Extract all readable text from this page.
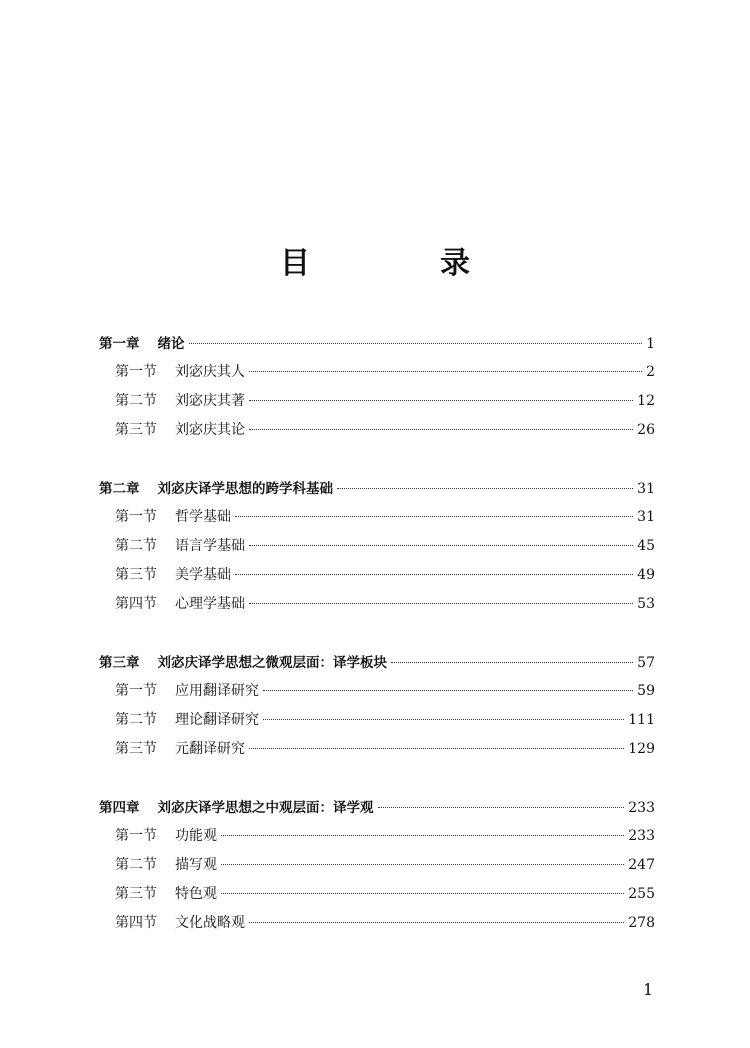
目　录
第一章 绪论	1
第一节 刘宓庆其人	2
第二节 刘宓庆其著	12
第三节 刘宓庆其论	26
第二章 刘宓庆译学思想的跨学科基础	31
第一节 哲学基础	31
第二节 语言学基础	45
第三节 美学基础	49
第四节 心理学基础	53
第三章 刘宓庆译学思想之微观层面：译学板块	57
第一节 应用翻译研究	59
第二节 理论翻译研究	111
第三节 元翻译研究	129
第四章 刘宓庆译学思想之中观层面：译学观	233
第一节 功能观	233
第二节 描写观	247
第三节 特色观	255
第四节 文化战略观	278
1
